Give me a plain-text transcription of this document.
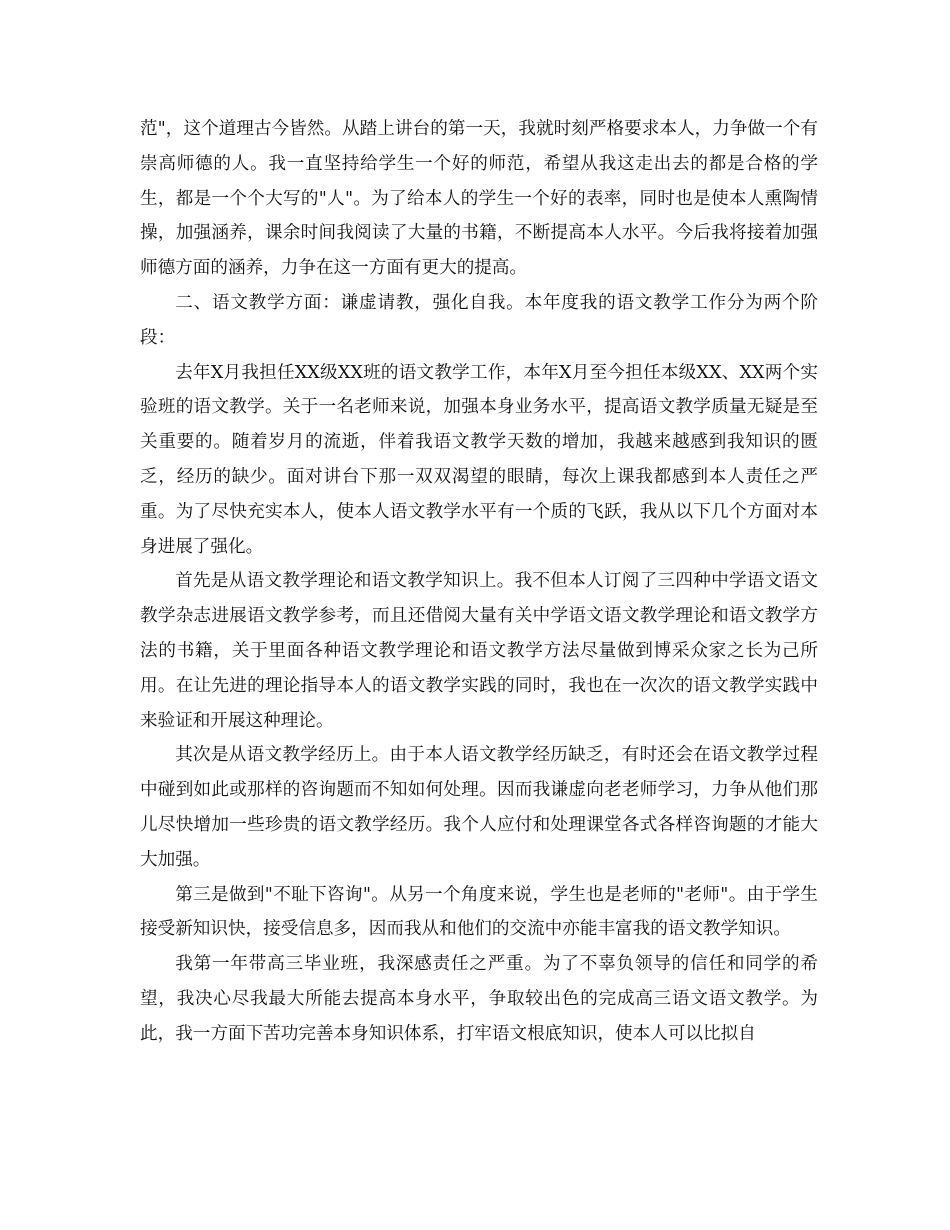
范"，这个道理古今皆然。从踏上讲台的第一天，我就时刻严格要求本人，力争做一个有崇高师德的人。我一直坚持给学生一个好的师范，希望从我这走出去的都是合格的学生，都是一个个大写的"人"。为了给本人的学生一个好的表率，同时也是使本人熏陶情操，加强涵养，课余时间我阅读了大量的书籍，不断提高本人水平。今后我将接着加强师德方面的涵养，力争在这一方面有更大的提高。

二、语文教学方面：谦虚请教，强化自我。本年度我的语文教学工作分为两个阶段：

去年X月我担任XX级XX班的语文教学工作，本年X月至今担任本级XX、XX两个实验班的语文教学。关于一名老师来说，加强本身业务水平，提高语文教学质量无疑是至关重要的。随着岁月的流逝，伴着我语文教学天数的增加，我越来越感到我知识的匮乏，经历的缺少。面对讲台下那一双双渴望的眼睛，每次上课我都感到本人责任之严重。为了尽快充实本人，使本人语文教学水平有一个质的飞跃，我从以下几个方面对本身进展了强化。

首先是从语文教学理论和语文教学知识上。我不但本人订阅了三四种中学语文语文教学杂志进展语文教学参考，而且还借阅大量有关中学语文语文教学理论和语文教学方法的书籍，关于里面各种语文教学理论和语文教学方法尽量做到博采众家之长为己所用。在让先进的理论指导本人的语文教学实践的同时，我也在一次次的语文教学实践中来验证和开展这种理论。

其次是从语文教学经历上。由于本人语文教学经历缺乏，有时还会在语文教学过程中碰到如此或那样的咨询题而不知如何处理。因而我谦虚向老老师学习，力争从他们那儿尽快增加一些珍贵的语文教学经历。我个人应付和处理课堂各式各样咨询题的才能大大加强。

第三是做到"不耻下咨询"。从另一个角度来说，学生也是老师的"老师"。由于学生接受新知识快，接受信息多，因而我从和他们的交流中亦能丰富我的语文教学知识。

我第一年带高三毕业班，我深感责任之严重。为了不辜负领导的信任和同学的希望，我决心尽我最大所能去提高本身水平，争取较出色的完成高三语文语文教学。为此，我一方面下苦功完善本身知识体系，打牢语文根底知识，使本人可以比拟自
